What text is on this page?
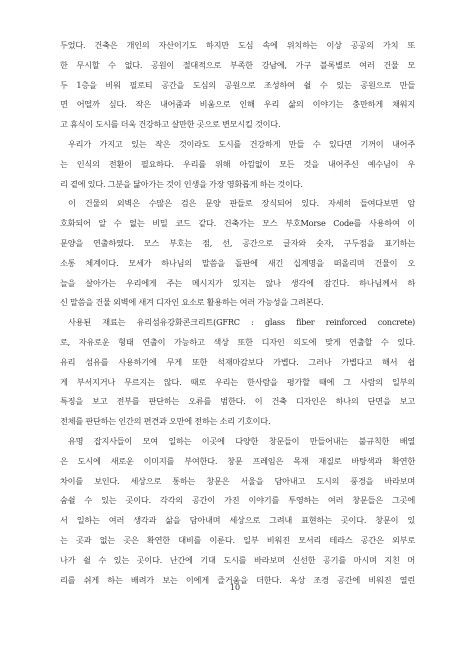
두었다. 건축은 개인의 자산이기도 하지만 도심 속에 위치하는 이상 공공의 가치 또
한 무시할 수 없다. 공원이 절대적으로 부족한 강남에, 가구 블록별로 여러 건물 모
두 1층을 비워 필로티 공간을 도심의 공원으로 조성하여 쉴 수 있는 공원으로 만들
면 어떨까 싶다. 작은 내어줌과 비움으로 인해 우리 삶의 이야기는 충만하게 채워지
고 휴식이 도시를 더욱 건강하고 살만한 곳으로 변모시킬 것이다.
우리가 가지고 있는 작은 것이라도 도시를 건강하게 만들 수 있다면 기꺼이 내어주
는 인식의 전환이 필요하다. 우리를 위해 아낌없이 모든 것을 내어주신 예수님이 우
리 곁에 있다. 그분을 닮아가는 것이 인생을 가장 영화롭게 하는 것이다.
이 건물의 외벽은 수많은 검은 문양 판들로 장식되어 있다. 자세히 들여다보면 암
호화되어 알 수 없는 비밀 코드 같다. 건축가는 모스 부호Morse Code를 사용하여 이
문양을 연출하였다. 모스 부호는 점, 선, 공간으로 글자와 숫자, 구두점을 표기하는
소통 체계이다. 모세가 하나님의 말씀을 돌판에 새긴 십계명을 떠올리며 건물이 오
늘을 살아가는 우리에게 주는 메시지가 있지는 않나 생각에 잠긴다. 하나님께서 하
신 말씀을 건물 외벽에 새겨 디자인 요소로 활용하는 여러 가능성을 그려본다.
사용된 재료는 유리섬유강화콘크리트(GFRC : glass fiber reinforced concrete)
로, 자유로운 형태 연출이 가능하고 색상 또한 디자인 의도에 맞게 연출할 수 있다.
유리 섬유를 사용하기에 무게 또한 석재마감보다 가볍다. 그러나 가볍다고 해서 쉽
게 부서지거나 무르지는 않다. 때로 우리는 한사람을 평가할 때에 그 사람의 일부의
특징을 보고 전부를 판단하는 오류를 범한다. 이 건축 디자인은 하나의 단면을 보고
전체를 판단하는 인간의 편견과 오만에 전하는 소리 기호이다.
유명 잡지사들이 모여 일하는 이곳에 다양한 창문들이 만들어내는 불규칙한 배열
은 도시에 새로운 이미지를 부여한다. 창문 프레임은 목재 재질로 바탕색과 확연한
차이를 보인다. 세상으로 통하는 창문은 서울을 담아내고 도시의 풍경을 바라보며
숨쉴 수 있는 곳이다. 각각의 공간이 가진 이야기를 투영하는 여러 창문들은 그곳에
서 일하는 여러 생각과 삶을 담아내며 세상으로 그려내 표현하는 곳이다. 창문이 있
는 곳과 없는 곳은 확연한 대비를 이룬다. 일부 비워진 모서리 테라스 공간은 외부로
나가 쉴 수 있는 곳이다. 난간에 기대 도시를 바라보며 신선한 공기를 마시며 지친 머
리를 쉬게 하는 배려가 보는 이에게 즐거움을 더한다. 옥상 조경 공간에 비워진 열린
10
